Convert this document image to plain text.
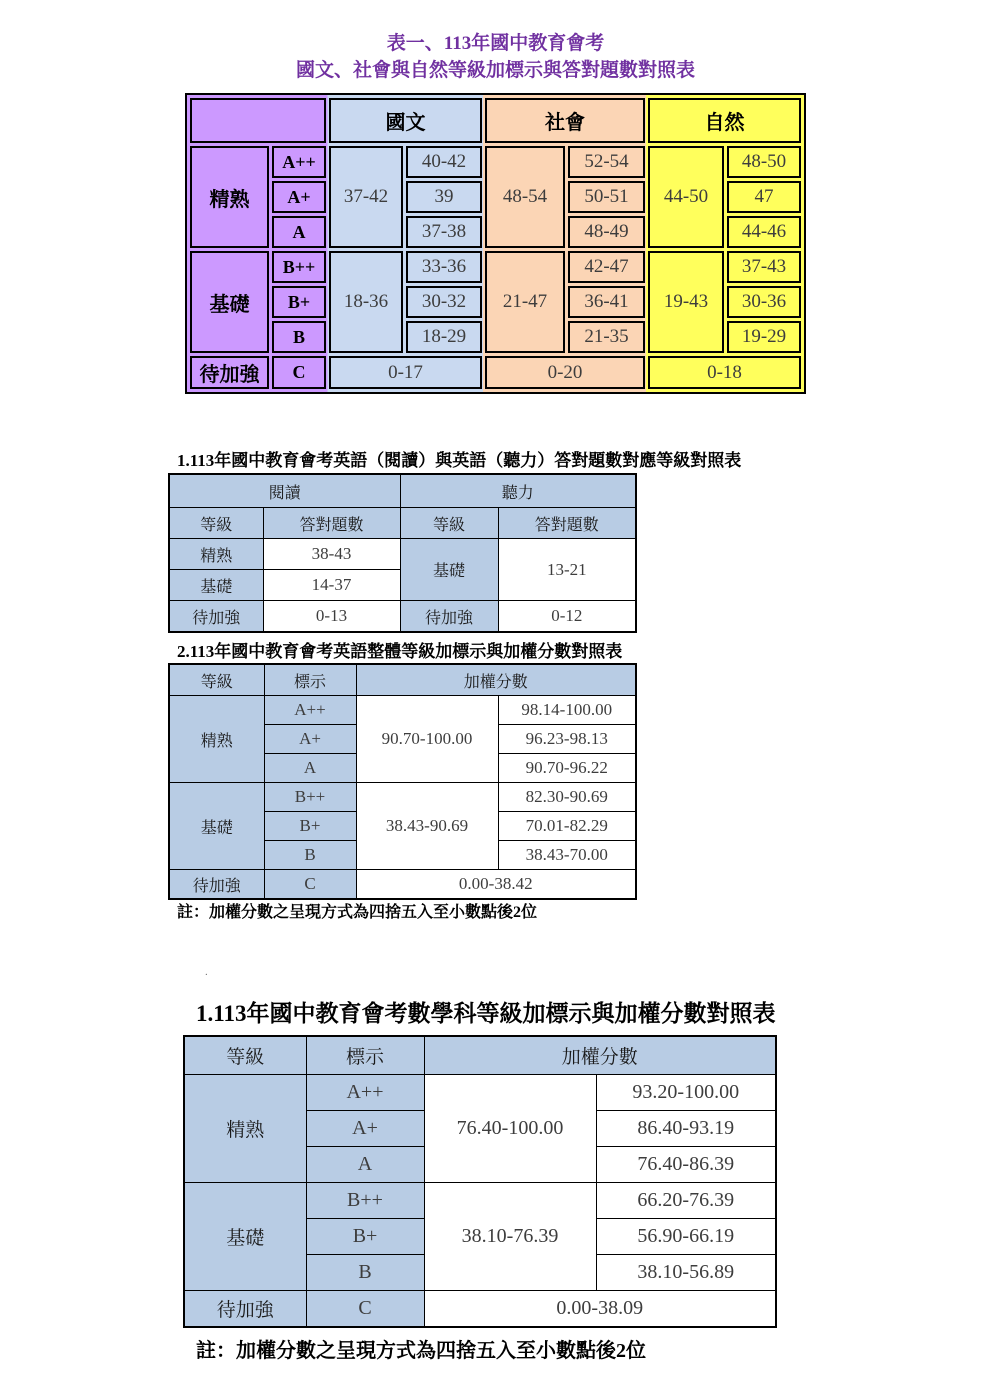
表一、113年國中教育會考
國文、社會與自然等級加標示與答對題數對照表
		國文		社會		自然	
精熟	A++	37-42	40-42	48-54	52-54	44-50	48-50
	A+		39		50-51		47
	A		37-38		48-49		44-46
基礎	B++	18-36	33-36	21-47	42-47	19-43	37-43
	B+		30-32		36-41		30-36
	B		18-29		21-35		19-29
待加強	C	0-17		0-20		0-18	
1.113年國中教育會考英語（閱讀）與英語（聽力）答對題數對應等級對照表
閱讀		聽力	
等級	答對題數	等級	答對題數
精熟	38-43	基礎	13-21
基礎	14-37		
待加強	0-13	待加強	0-12
2.113年國中教育會考英語整體等級加標示與加權分數對照表
等級	標示	加權分數	
精熟	A++	90.70-100.00	98.14-100.00
	A+		96.23-98.13
	A		90.70-96.22
基礎	B++	38.43-90.69	82.30-90.69
	B+		70.01-82.29
	B		38.43-70.00
待加強	C	0.00-38.42	
註：加權分數之呈現方式為四捨五入至小數點後2位
.
1.113年國中教育會考數學科等級加標示與加權分數對照表
等級	標示	加權分數	
精熟	A++	76.40-100.00	93.20-100.00
	A+		86.40-93.19
	A		76.40-86.39
基礎	B++	38.10-76.39	66.20-76.39
	B+		56.90-66.19
	B		38.10-56.89
待加強	C	0.00-38.09	
註：加權分數之呈現方式為四捨五入至小數點後2位
